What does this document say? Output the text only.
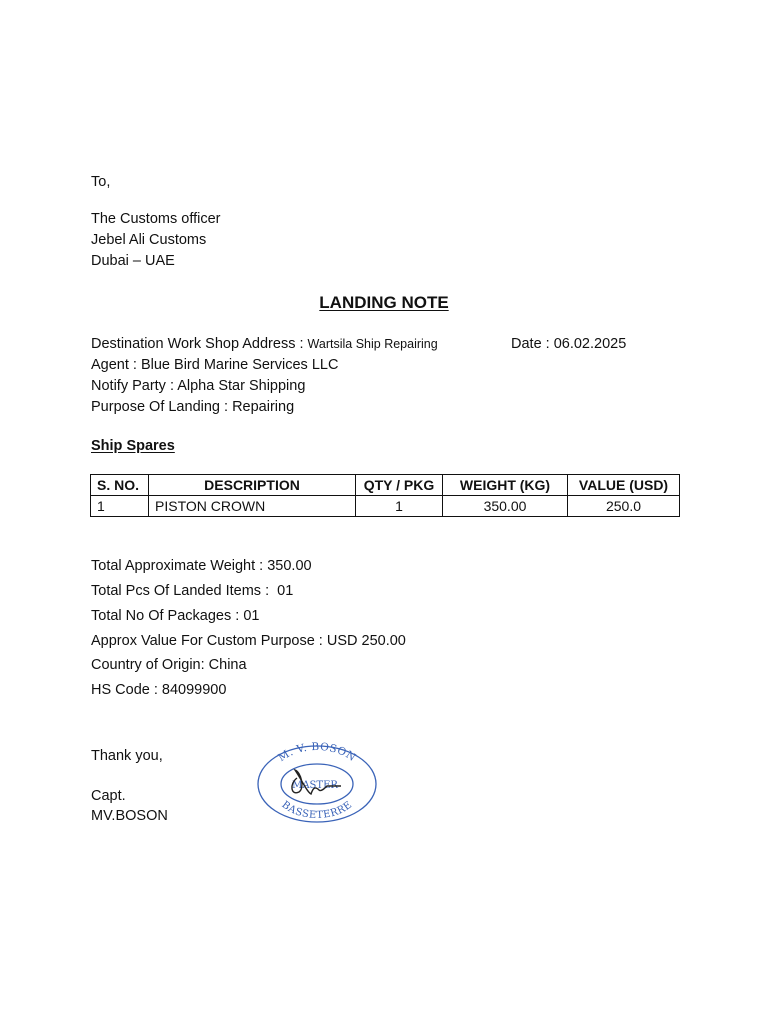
To,
The Customs officer
Jebel Ali Customs
Dubai – UAE
LANDING NOTE
Destination Work Shop Address : Wartsila Ship Repairing	Date : 06.02.2025
Agent : Blue Bird Marine Services LLC
Notify Party : Alpha Star Shipping
Purpose Of Landing : Repairing
Ship Spares
S. NO.	DESCRIPTION	QTY / PKG	WEIGHT (KG)	VALUE (USD)
1	PISTON CROWN	1	350.00	250.0
Total Approximate Weight : 350.00
Total Pcs Of Landed Items :  01
Total No Of Packages : 01
Approx Value For Custom Purpose : USD 250.00
Country of Origin: China
HS Code : 84099900
Thank you,
Capt.
MV.BOSON
M. V. BOSON
MASTER
BASSETERRE
